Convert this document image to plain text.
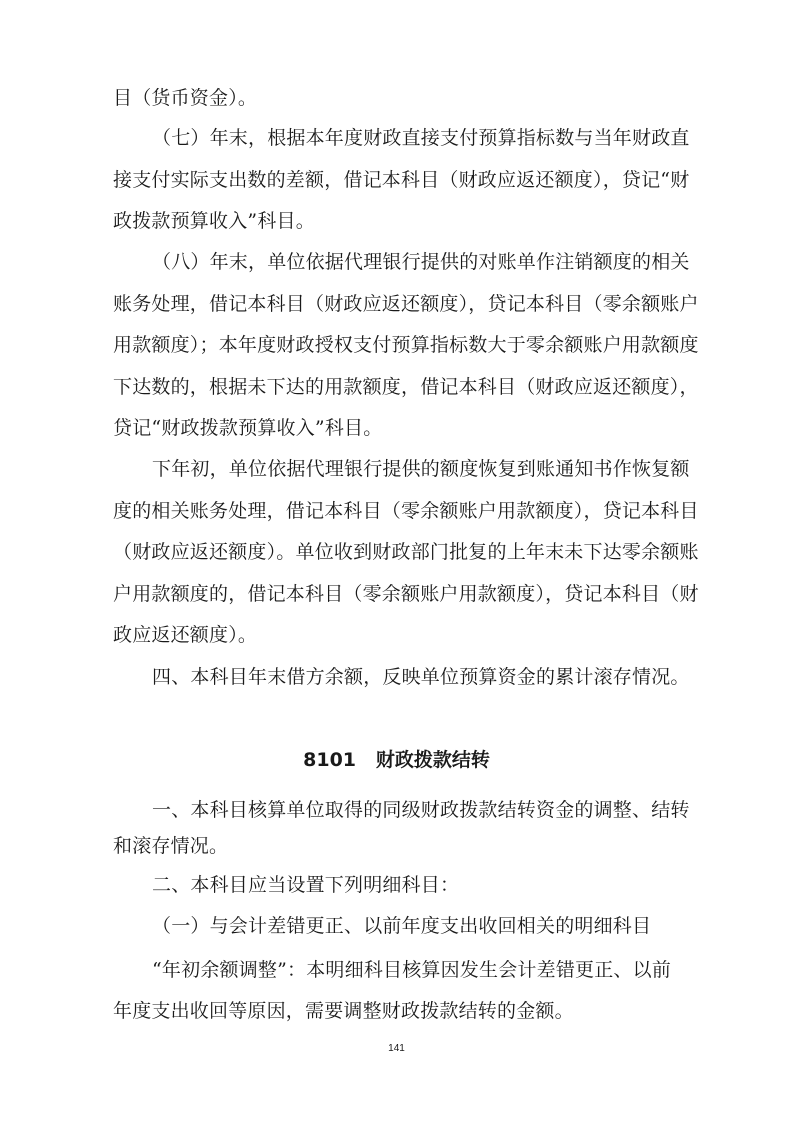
目（货币资金）。
（七）年末，根据本年度财政直接支付预算指标数与当年财政直
接支付实际支出数的差额，借记本科目（财政应返还额度），贷记“财
政拨款预算收入”科目。
（八）年末，单位依据代理银行提供的对账单作注销额度的相关
账务处理，借记本科目（财政应返还额度），贷记本科目（零余额账户
用款额度）；本年度财政授权支付预算指标数大于零余额账户用款额度
下达数的，根据未下达的用款额度，借记本科目（财政应返还额度），
贷记“财政拨款预算收入”科目。
下年初，单位依据代理银行提供的额度恢复到账通知书作恢复额
度的相关账务处理，借记本科目（零余额账户用款额度），贷记本科目
（财政应返还额度）。单位收到财政部门批复的上年末未下达零余额账
户用款额度的，借记本科目（零余额账户用款额度），贷记本科目（财
政应返还额度）。
四、本科目年末借方余额，反映单位预算资金的累计滚存情况。
8101   财政拨款结转
一、本科目核算单位取得的同级财政拨款结转资金的调整、结转
和滚存情况。
二、本科目应当设置下列明细科目：
（一）与会计差错更正、以前年度支出收回相关的明细科目
“年初余额调整”：本明细科目核算因发生会计差错更正、以前
年度支出收回等原因，需要调整财政拨款结转的金额。
141
